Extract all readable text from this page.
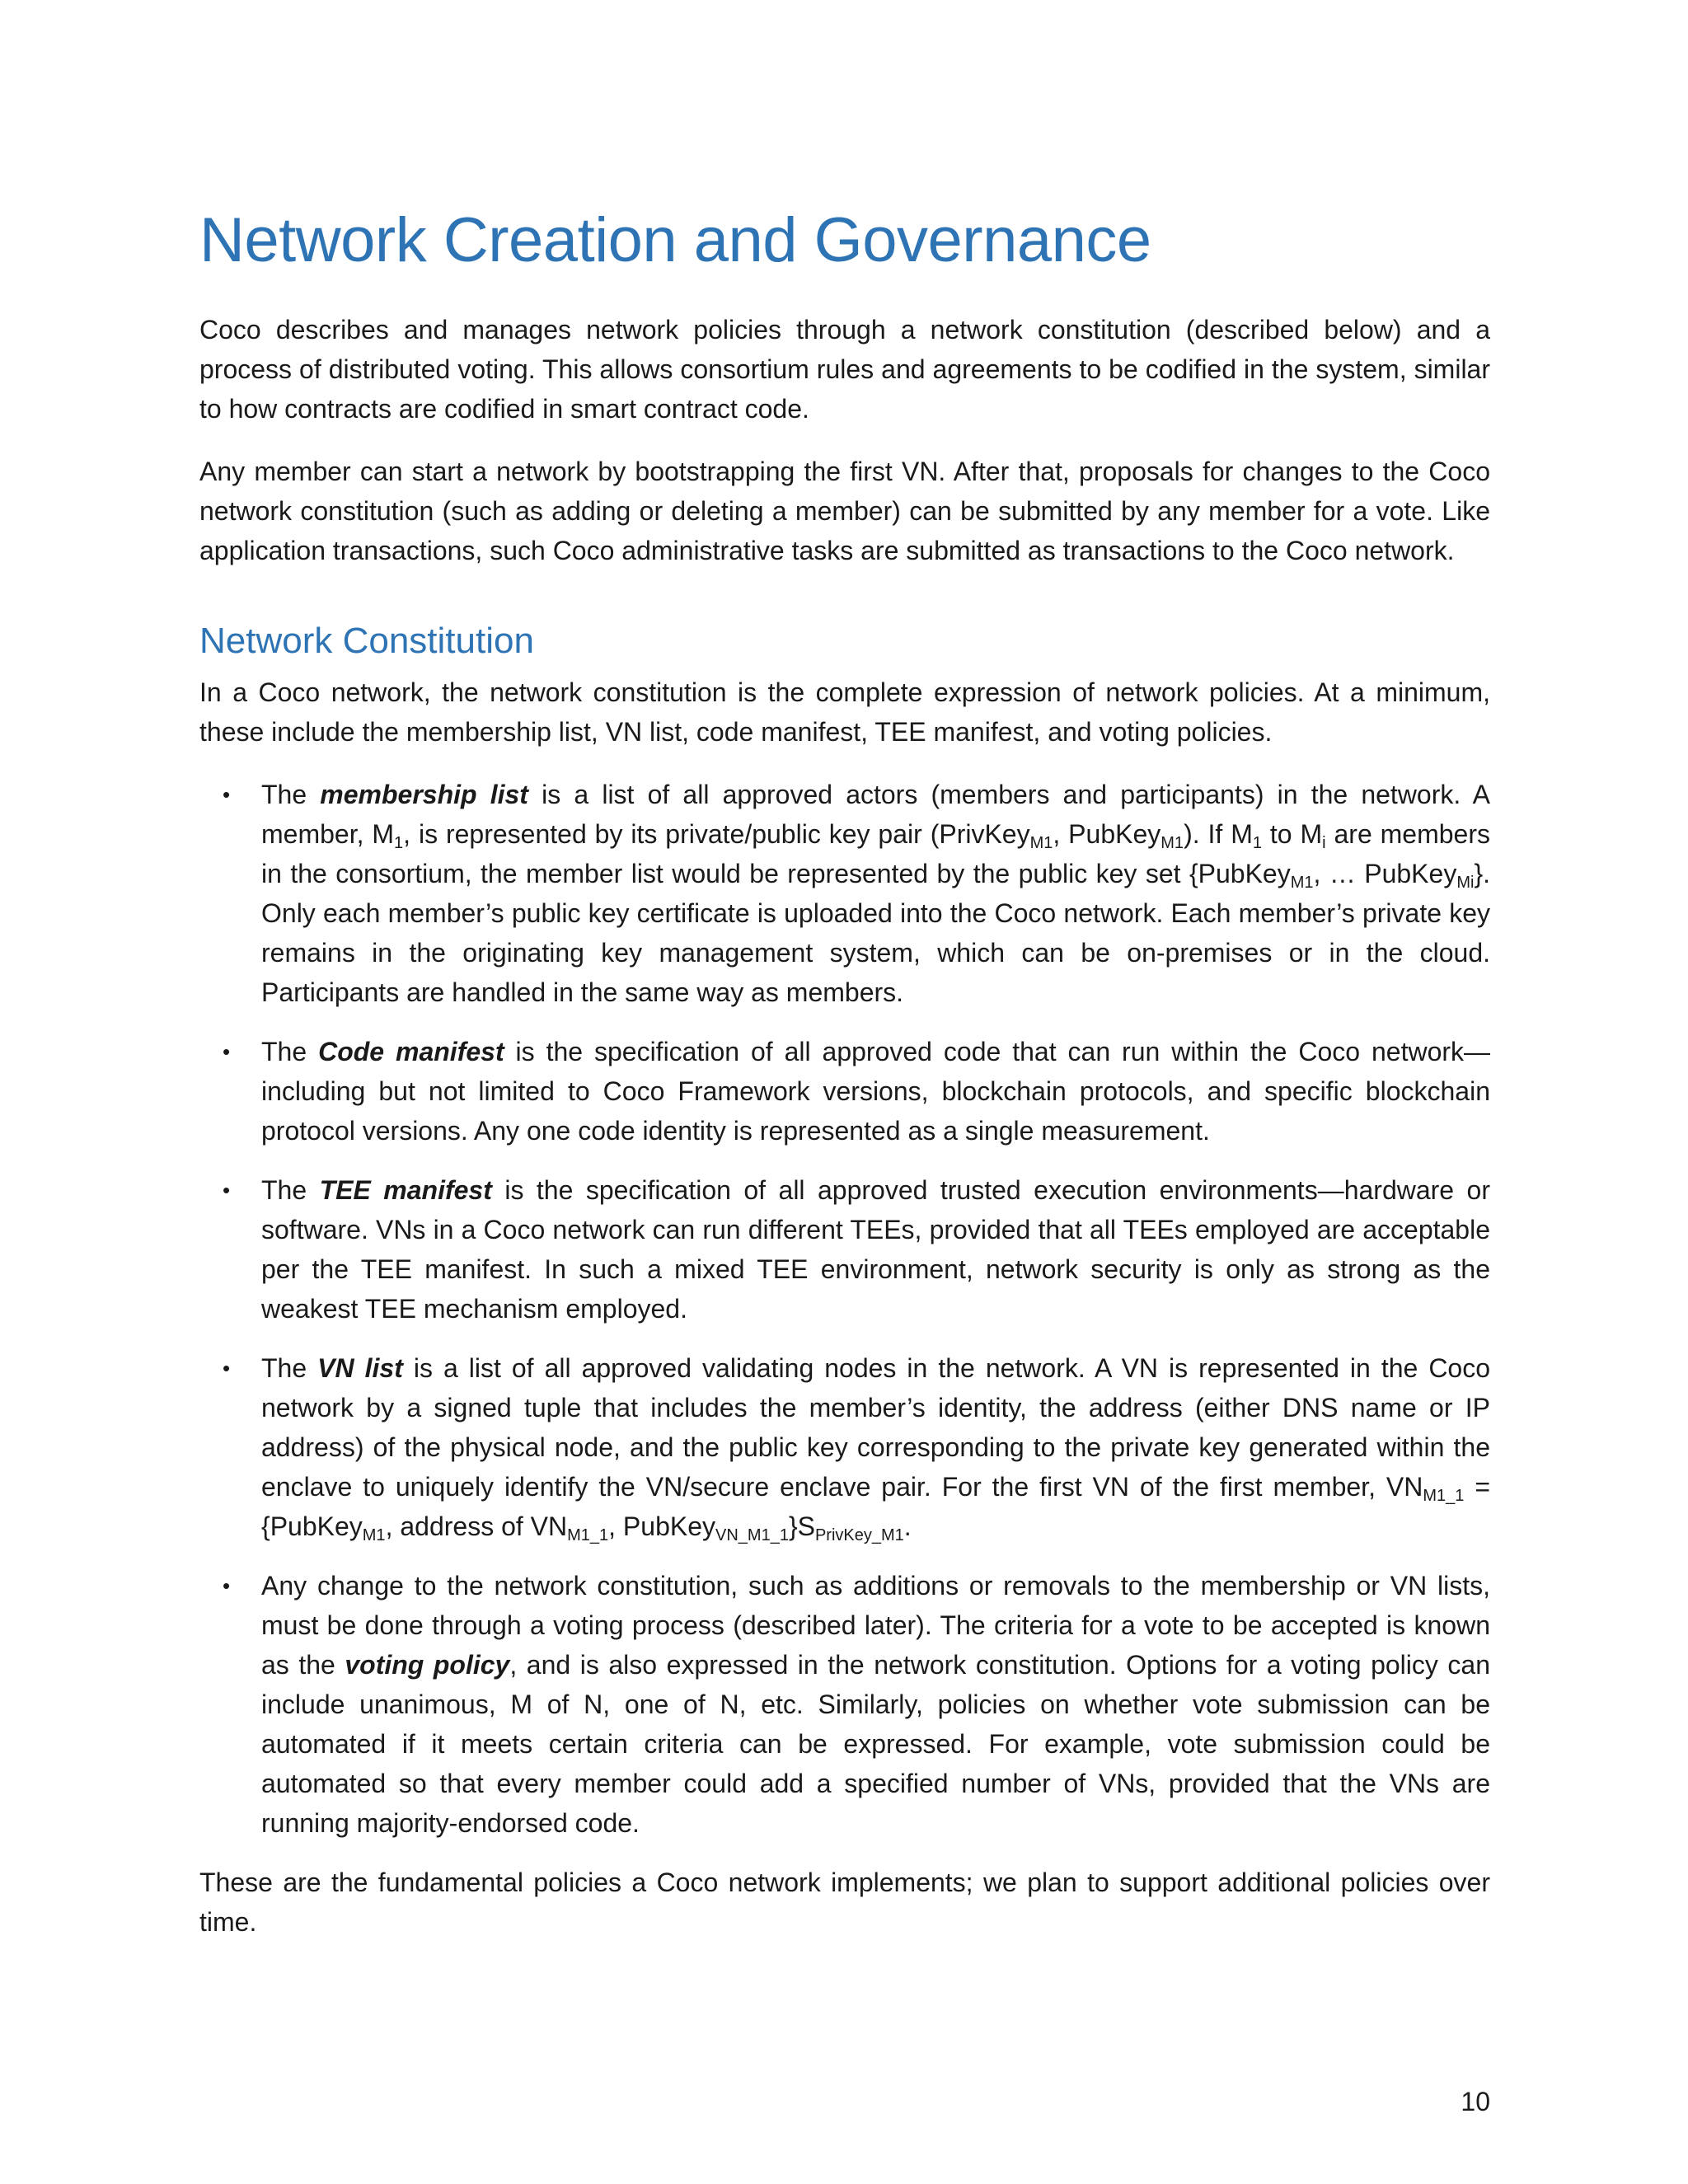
Network Creation and Governance

Coco describes and manages network policies through a network constitution (described below) and a process of distributed voting. This allows consortium rules and agreements to be codified in the system, similar to how contracts are codified in smart contract code.

Any member can start a network by bootstrapping the first VN. After that, proposals for changes to the Coco network constitution (such as adding or deleting a member) can be submitted by any member for a vote. Like application transactions, such Coco administrative tasks are submitted as transactions to the Coco network.

Network Constitution

In a Coco network, the network constitution is the complete expression of network policies. At a minimum, these include the membership list, VN list, code manifest, TEE manifest, and voting policies.

• The membership list is a list of all approved actors (members and participants) in the network. A member, $M_1$, is represented by its private/public key pair (PrivKey$_{M1}$, PubKey$_{M1}$). If $M_1$ to $M_i$ are members in the consortium, the member list would be represented by the public key set {PubKey$_{M1}$, … PubKey$_{Mi}$}. Only each member’s public key certificate is uploaded into the Coco network. Each member’s private key remains in the originating key management system, which can be on-premises or in the cloud. Participants are handled in the same way as members.
• The Code manifest is the specification of all approved code that can run within the Coco network—including but not limited to Coco Framework versions, blockchain protocols, and specific blockchain protocol versions. Any one code identity is represented as a single measurement.
• The TEE manifest is the specification of all approved trusted execution environments—hardware or software. VNs in a Coco network can run different TEEs, provided that all TEEs employed are acceptable per the TEE manifest. In such a mixed TEE environment, network security is only as strong as the weakest TEE mechanism employed.
• The VN list is a list of all approved validating nodes in the network. A VN is represented in the Coco network by a signed tuple that includes the member’s identity, the address (either DNS name or IP address) of the physical node, and the public key corresponding to the private key generated within the enclave to uniquely identify the VN/secure enclave pair. For the first VN of the first member, $VN_{M1\_1}$ = {PubKey$_{M1}$, address of $VN_{M1\_1}$, $PubKey_{VN\_M1\_1}\}S_{PrivKey\_M1}$.
• Any change to the network constitution, such as additions or removals to the membership or VN lists, must be done through a voting process (described later). The criteria for a vote to be accepted is known as the voting policy, and is also expressed in the network constitution. Options for a voting policy can include unanimous, M of N, one of N, etc. Similarly, policies on whether vote submission can be automated if it meets certain criteria can be expressed. For example, vote submission could be automated so that every member could add a specified number of VNs, provided that the VNs are running majority-endorsed code.

These are the fundamental policies a Coco network implements; we plan to support additional policies over time.

10
